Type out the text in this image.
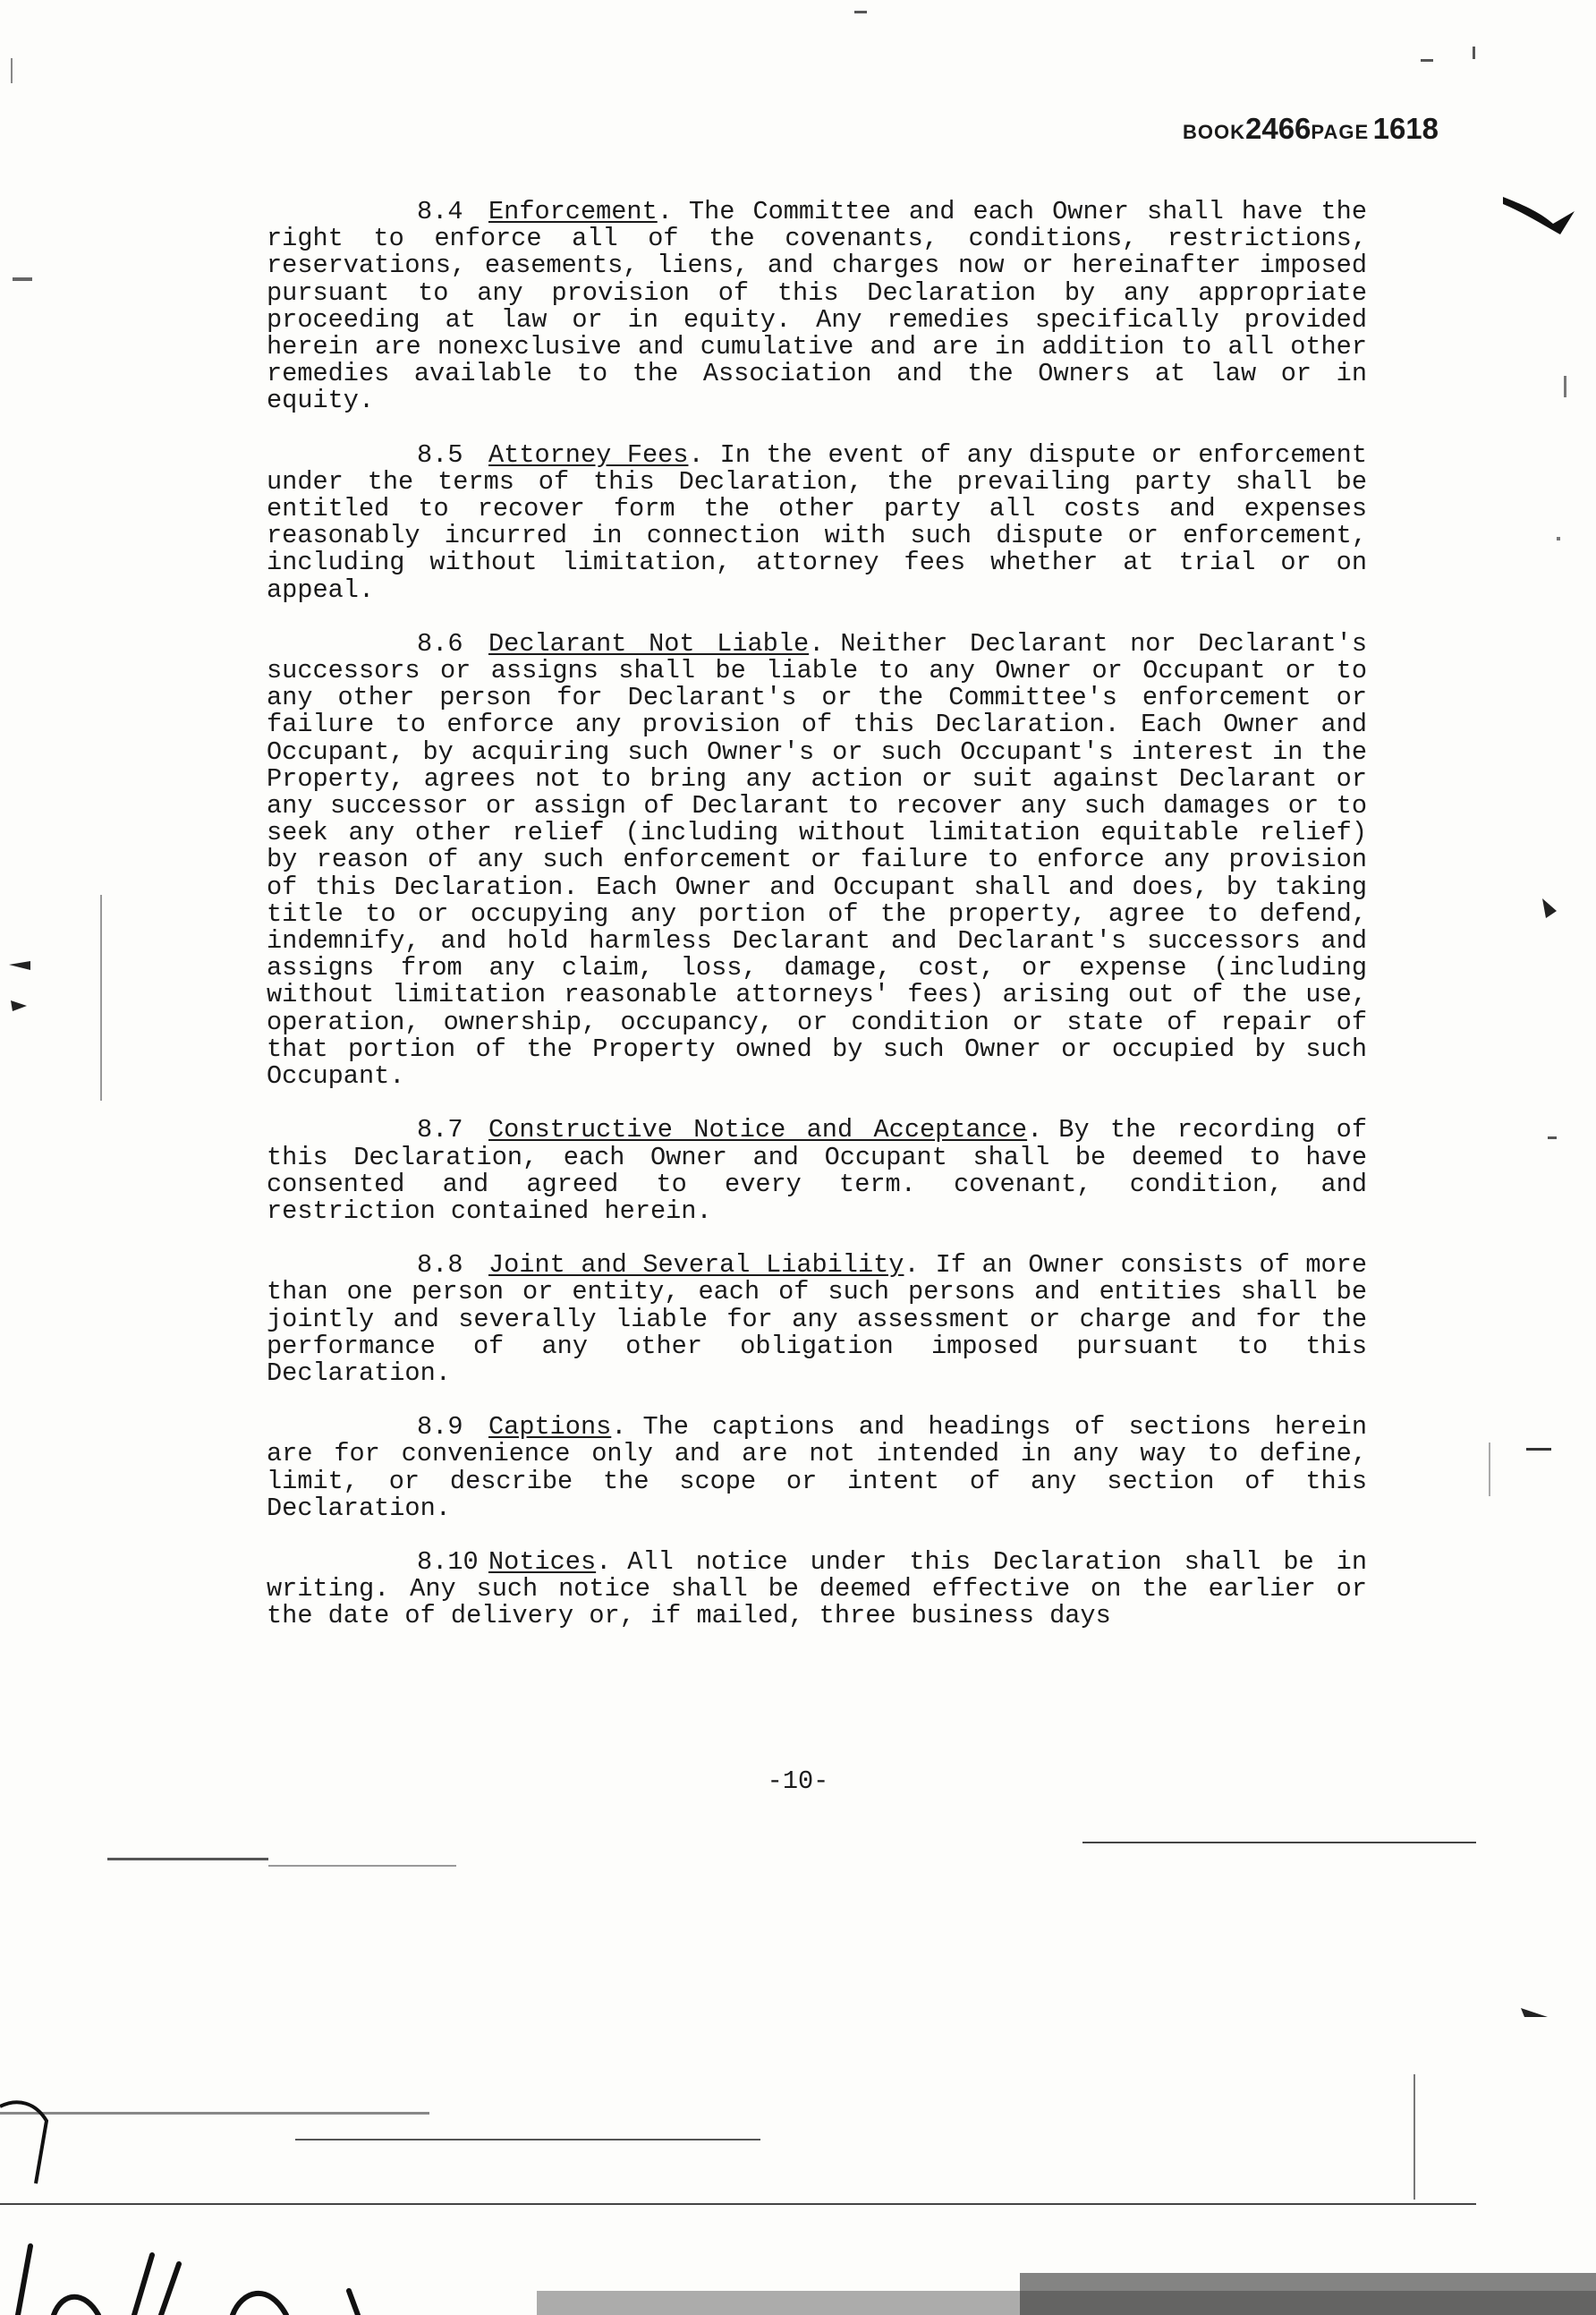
BOOK2466PAGE 1618

8.4 Enforcement. The Committee and each Owner shall have the right to enforce all of the covenants, conditions, restrictions, reservations, easements, liens, and charges now or hereinafter imposed pursuant to any provision of this Declaration by any appropriate proceeding at law or in equity. Any remedies specifically provided herein are nonexclusive and cumulative and are in addition to all other remedies available to the Association and the Owners at law or in equity.

8.5 Attorney Fees. In the event of any dispute or enforcement under the terms of this Declaration, the prevailing party shall be entitled to recover form the other party all costs and expenses reasonably incurred in connection with such dispute or enforcement, including without limitation, attorney fees whether at trial or on appeal.

8.6 Declarant Not Liable. Neither Declarant nor Declarant's successors or assigns shall be liable to any Owner or Occupant or to any other person for Declarant's or the Committee's enforcement or failure to enforce any provision of this Declaration. Each Owner and Occupant, by acquiring such Owner's or such Occupant's interest in the Property, agrees not to bring any action or suit against Declarant or any successor or assign of Declarant to recover any such damages or to seek any other relief (including without limitation equitable relief) by reason of any such enforcement or failure to enforce any provision of this Declaration. Each Owner and Occupant shall and does, by taking title to or occupying any portion of the property, agree to defend, indemnify, and hold harmless Declarant and Declarant's successors and assigns from any claim, loss, damage, cost, or expense (including without limitation reasonable attorneys' fees) arising out of the use, operation, ownership, occupancy, or condition or state of repair of that portion of the Property owned by such Owner or occupied by such Occupant.

8.7 Constructive Notice and Acceptance. By the recording of this Declaration, each Owner and Occupant shall be deemed to have consented and agreed to every term. covenant, condition, and restriction contained herein.

8.8 Joint and Several Liability. If an Owner consists of more than one person or entity, each of such persons and entities shall be jointly and severally liable for any assessment or charge and for the performance of any other obligation imposed pursuant to this Declaration.

8.9 Captions. The captions and headings of sections herein are for convenience only and are not intended in any way to define, limit, or describe the scope or intent of any section of this Declaration.

8.10 Notices. All notice under this Declaration shall be in writing. Any such notice shall be deemed effective on the earlier or the date of delivery or, if mailed, three business days

-10-
